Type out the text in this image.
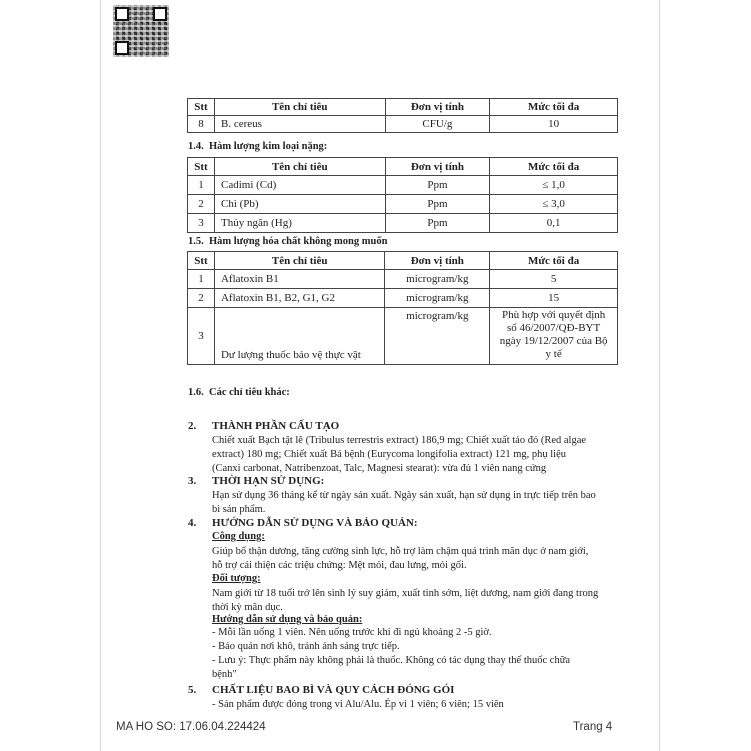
Stt	Tên chỉ tiêu	Đơn vị tính	Mức tối đa
8	B. cereus	CFU/g	10
1.4. Hàm lượng kim loại nặng:
Stt	Tên chỉ tiêu	Đơn vị tính	Mức tối đa
1	Cadimi (Cd)	Ppm	≤ 1,0
2	Chì (Pb)	Ppm	≤ 3,0
3	Thủy ngân (Hg)	Ppm	0,1
1.5. Hàm lượng hóa chất không mong muốn
Stt	Tên chỉ tiêu	Đơn vị tính	Mức tối đa
1	Aflatoxin B1	microgram/kg	5
2	Aflatoxin B1, B2, G1, G2	microgram/kg	15
3	Dư lượng thuốc bảo vệ thực vật	microgram/kg	Phù hợp với quyết định
số 46/2007/QĐ-BYT
ngày 19/12/2007 của Bộ
y tế
1.6. Các chỉ tiêu khác:
2. THÀNH PHẦN CẤU TẠO
Chiết xuất Bạch tật lê (Tribulus terrestris extract) 186,9 mg; Chiết xuất tảo đỏ (Red algae
extract) 180 mg; Chiết xuất Bá bệnh (Eurycoma longifolia extract) 121 mg, phụ liệu
(Canxi carbonat, Natribenzoat, Talc, Magnesi stearat): vừa đủ 1 viên nang cứng
3. THỜI HẠN SỬ DỤNG:
Hạn sử dụng 36 tháng kể từ ngày sản xuất. Ngày sản xuất, hạn sử dụng in trực tiếp trên bao
bì sản phẩm.
4. HƯỚNG DẪN SỬ DỤNG VÀ BẢO QUẢN:
Công dụng:
Giúp bổ thận dương, tăng cường sinh lực, hỗ trợ làm chậm quá trình mãn dục ở nam giới,
hỗ trợ cải thiện các triệu chứng: Mệt mỏi, đau lưng, mỏi gối.
Đối tượng:
Nam giới từ 18 tuổi trở lên sinh lý suy giảm, xuất tinh sớm, liệt dương, nam giới đang trong
thời kỳ mãn dục.
Hướng dẫn sử dụng và bảo quản:
- Mỗi lần uống 1 viên. Nên uống trước khi đi ngủ khoảng 2 -5 giờ.
- Bảo quản nơi khô, tránh ánh sáng trực tiếp.
- Lưu ý: Thực phẩm này không phải là thuốc. Không có tác dụng thay thế thuốc chữa
bệnh"
5. CHẤT LIỆU BAO BÌ VÀ QUY CÁCH ĐÓNG GÓI
- Sản phẩm được đóng trong vỉ Alu/Alu. Ép vỉ 1 viên; 6 viên; 15 viên
MA HO SO: 17.06.04.224424	Trang 4
